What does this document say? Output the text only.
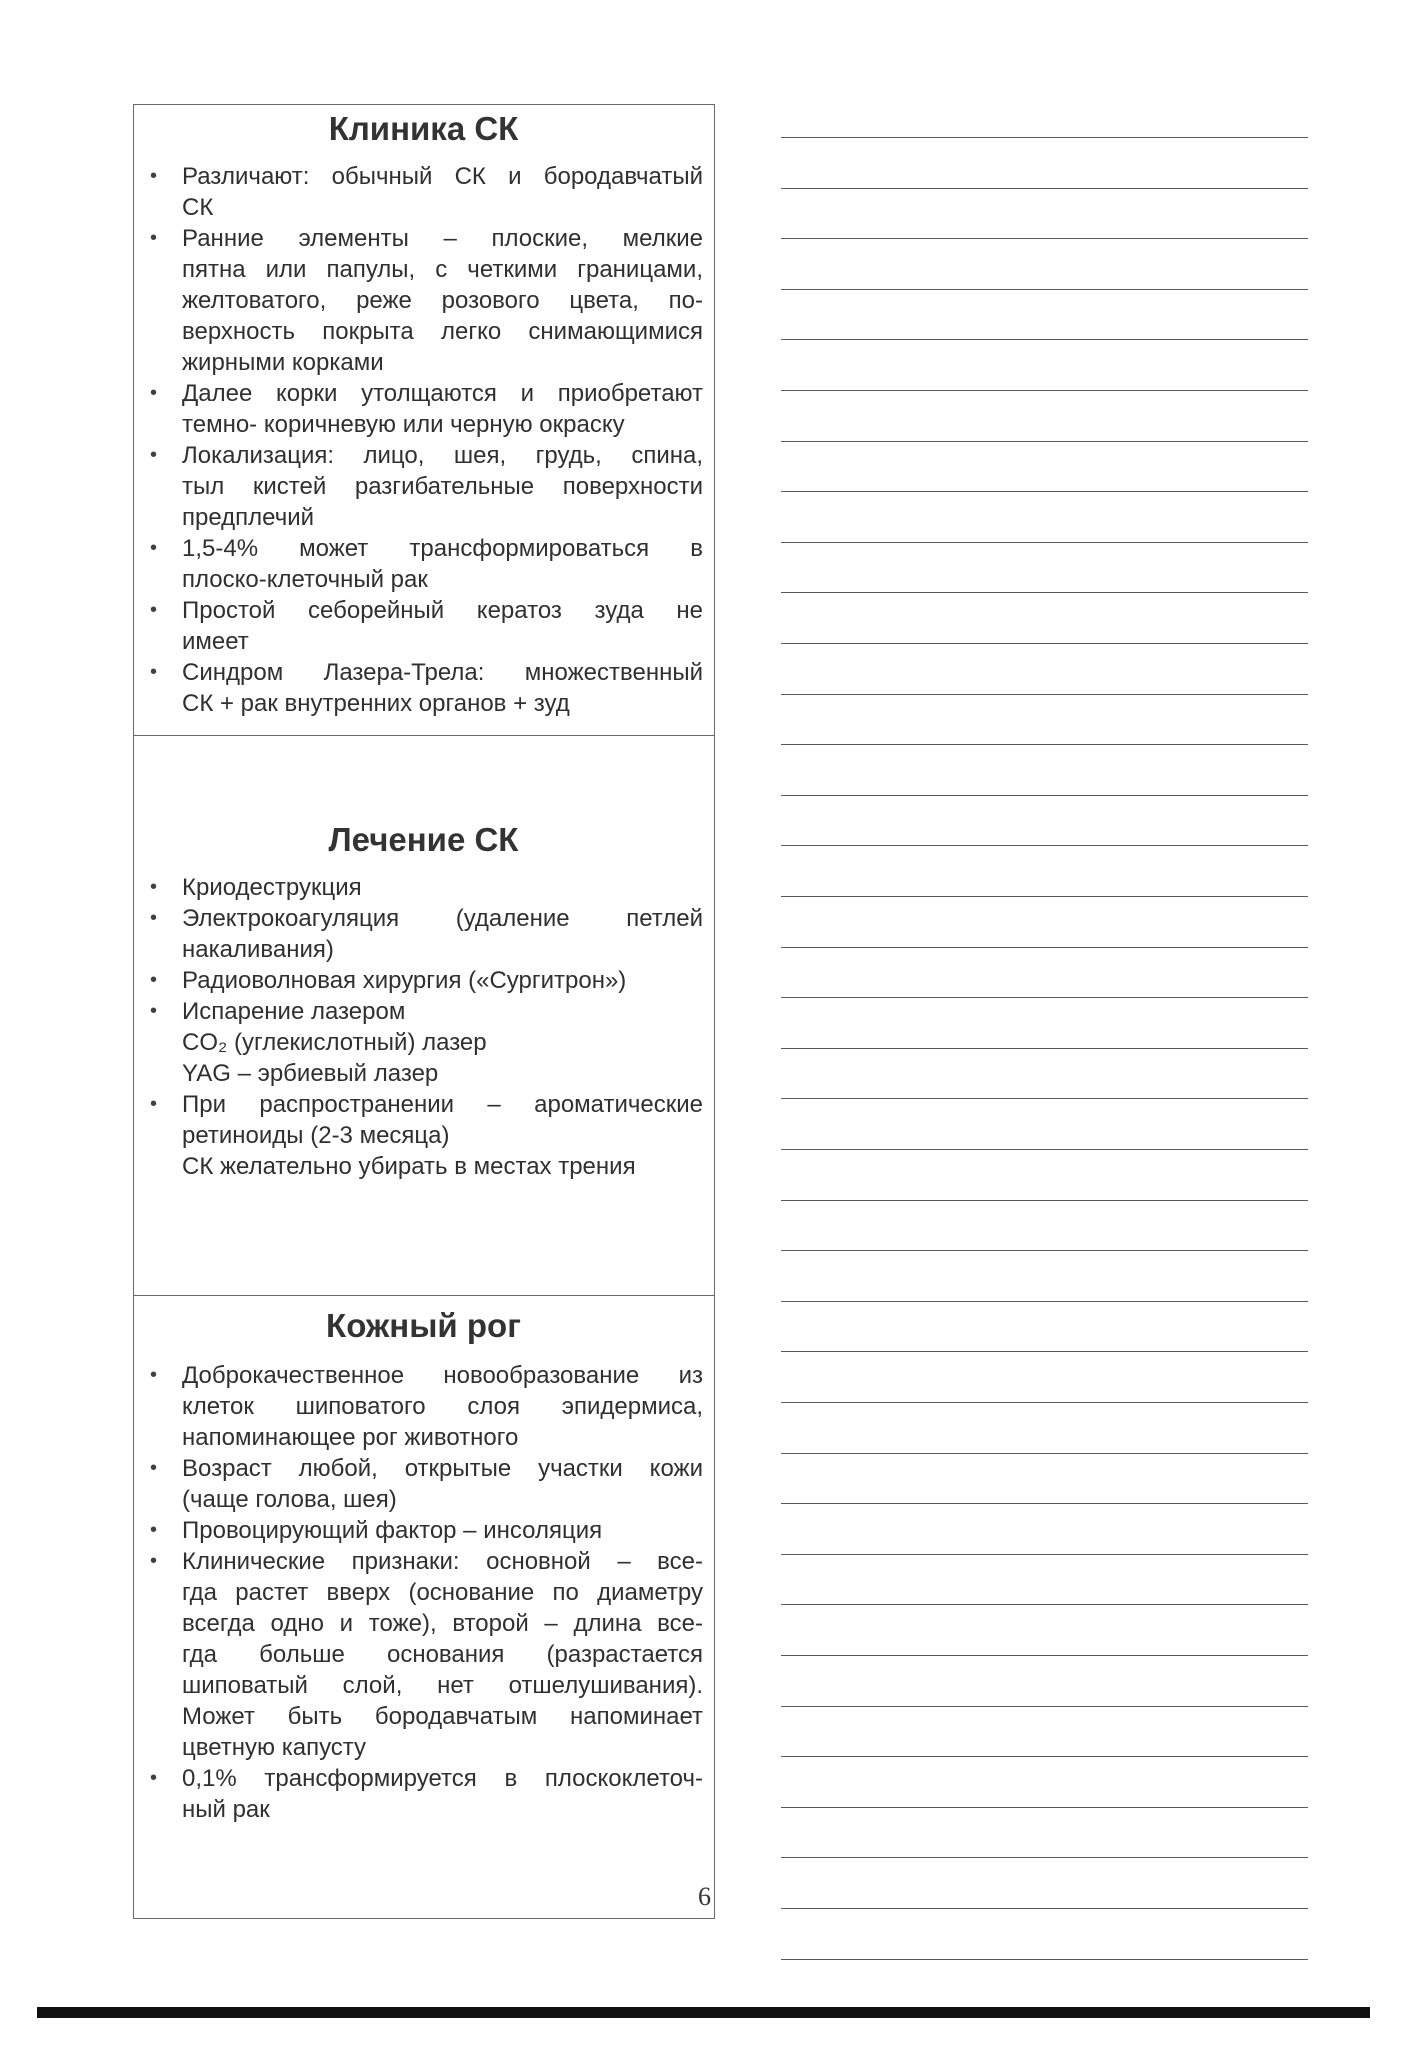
Клиника СК
• Различают: обычный СК и бородавчатый
СК
• Ранние элементы – плоские, мелкие
пятна или папулы, с четкими границами,
желтоватого, реже розового цвета, по-
верхность покрыта легко снимающимися
жирными корками
• Далее корки утолщаются и приобретают
темно- коричневую или черную окраску
• Локализация: лицо, шея, грудь, спина,
тыл кистей разгибательные поверхности
предплечий
• 1,5-4% может трансформироваться в
плоско-клеточный рак
• Простой себорейный кератоз зуда не
имеет
• Синдром Лазера-Трела: множественный
СК + рак внутренних органов + зуд
Лечение СК
• Криодеструкция
• Электрокоагуляция (удаление петлей
накаливания)
• Радиоволновая хирургия («Сургитрон»)
• Испарение лазером
CO₂ (углекислотный) лазер
YAG – эрбиевый лазер
• При распространении – ароматические
ретиноиды (2-3 месяца)
СК желательно убирать в местах трения
Кожный рог
• Доброкачественное новообразование из
клеток шиповатого слоя эпидермиса,
напоминающее рог животного
• Возраст любой, открытые участки кожи
(чаще голова, шея)
• Провоцирующий фактор – инсоляция
• Клинические признаки: основной – все-
гда растет вверх (основание по диаметру
всегда одно и тоже), второй – длина все-
гда больше основания (разрастается
шиповатый слой, нет отшелушивания).
Может быть бородавчатым напоминает
цветную капусту
• 0,1% трансформируется в плоскоклеточ-
ный рак
6
